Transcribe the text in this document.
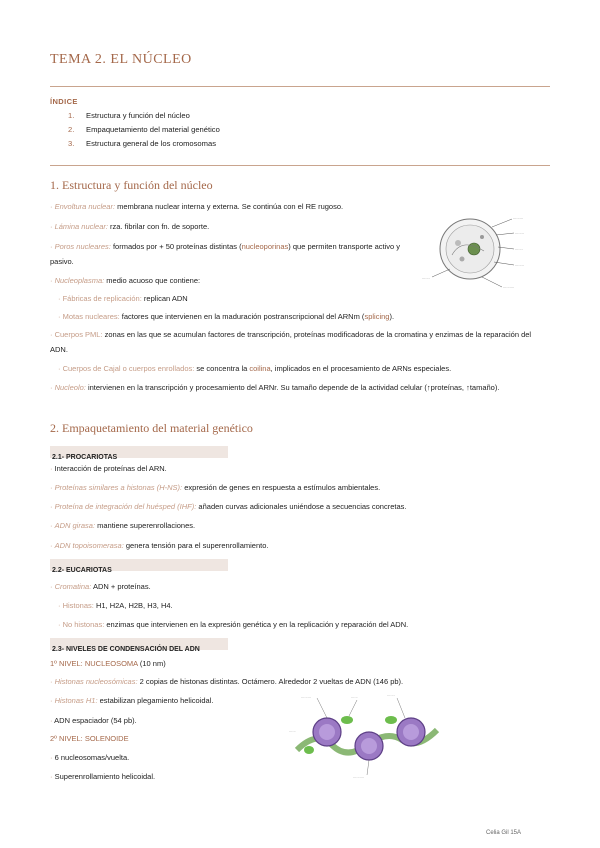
TEMA 2. EL NÚCLEO
ÍNDICE
1. Estructura y función del núcleo
2. Empaquetamiento del material genético
3. Estructura general de los cromosomas
1. Estructura y función del núcleo
· Envoltura nuclear: membrana nuclear interna y externa. Se continúa con el RE rugoso.
· Lámina nuclear: rza. fibrilar con fn. de soporte.
· Poros nucleares: formados por + 50 proteínas distintas (nucleoporinas) que permiten transporte activo y pasivo.
· Nucleoplasma: medio acuoso que contiene:
· Fábricas de replicación: replican ADN
· Motas nucleares: factores que intervienen en la maduración postranscripcional del ARNm (splicing).
· Cuerpos PML: zonas en las que se acumulan factores de transcripción, proteínas modificadoras de la cromatina y enzimas de la reparación del ADN.
· Cuerpos de Cajal o cuerpos enrollados: se concentra la coilina, implicados en el procesamiento de ARNs especiales.
· Nucleolo: intervienen en la transcripción y procesamiento del ARNr. Su tamaño depende de la actividad celular (↑proteínas, ↑tamaño).
.........
........
.......
........
..........
.......
2. Empaquetamiento del material genético
2.1- PROCARIOTAS
· Interacción de proteínas del ARN.
· Proteínas similares a histonas (H-NS): expresión de genes en respuesta a estímulos ambientales.
· Proteína de integración del huésped (IHF): añaden curvas adicionales uniéndose a secuencias concretas.
· ADN girasa: mantiene superenrollaciones.
· ADN topoisomerasa: genera tensión para el superenrollamiento.
2.2- EUCARIOTAS
· Cromatina: ADN + proteínas.
· Histonas: H1, H2A, H2B, H3, H4.
· No histonas: enzimas que intervienen en la expresión genética y en la replicación y reparación del ADN.
2.3- NIVELES DE CONDENSACIÓN DEL ADN
1º NIVEL: NUCLEOSOMA (10 nm)
· Histonas nucleosómicas: 2 copias de histonas distintas. Octámero. Alrededor 2 vueltas de ADN (146 pb).
· Histonas H1: estabilizan plegamiento helicoidal.
· ADN espaciador (54 pb).
2º NIVEL: SOLENOIDE
· 6 nucleosomas/vuelta.
· Superenrollamiento helicoidal.
.........	......	.......
......
..........
Celia Gil 15A
